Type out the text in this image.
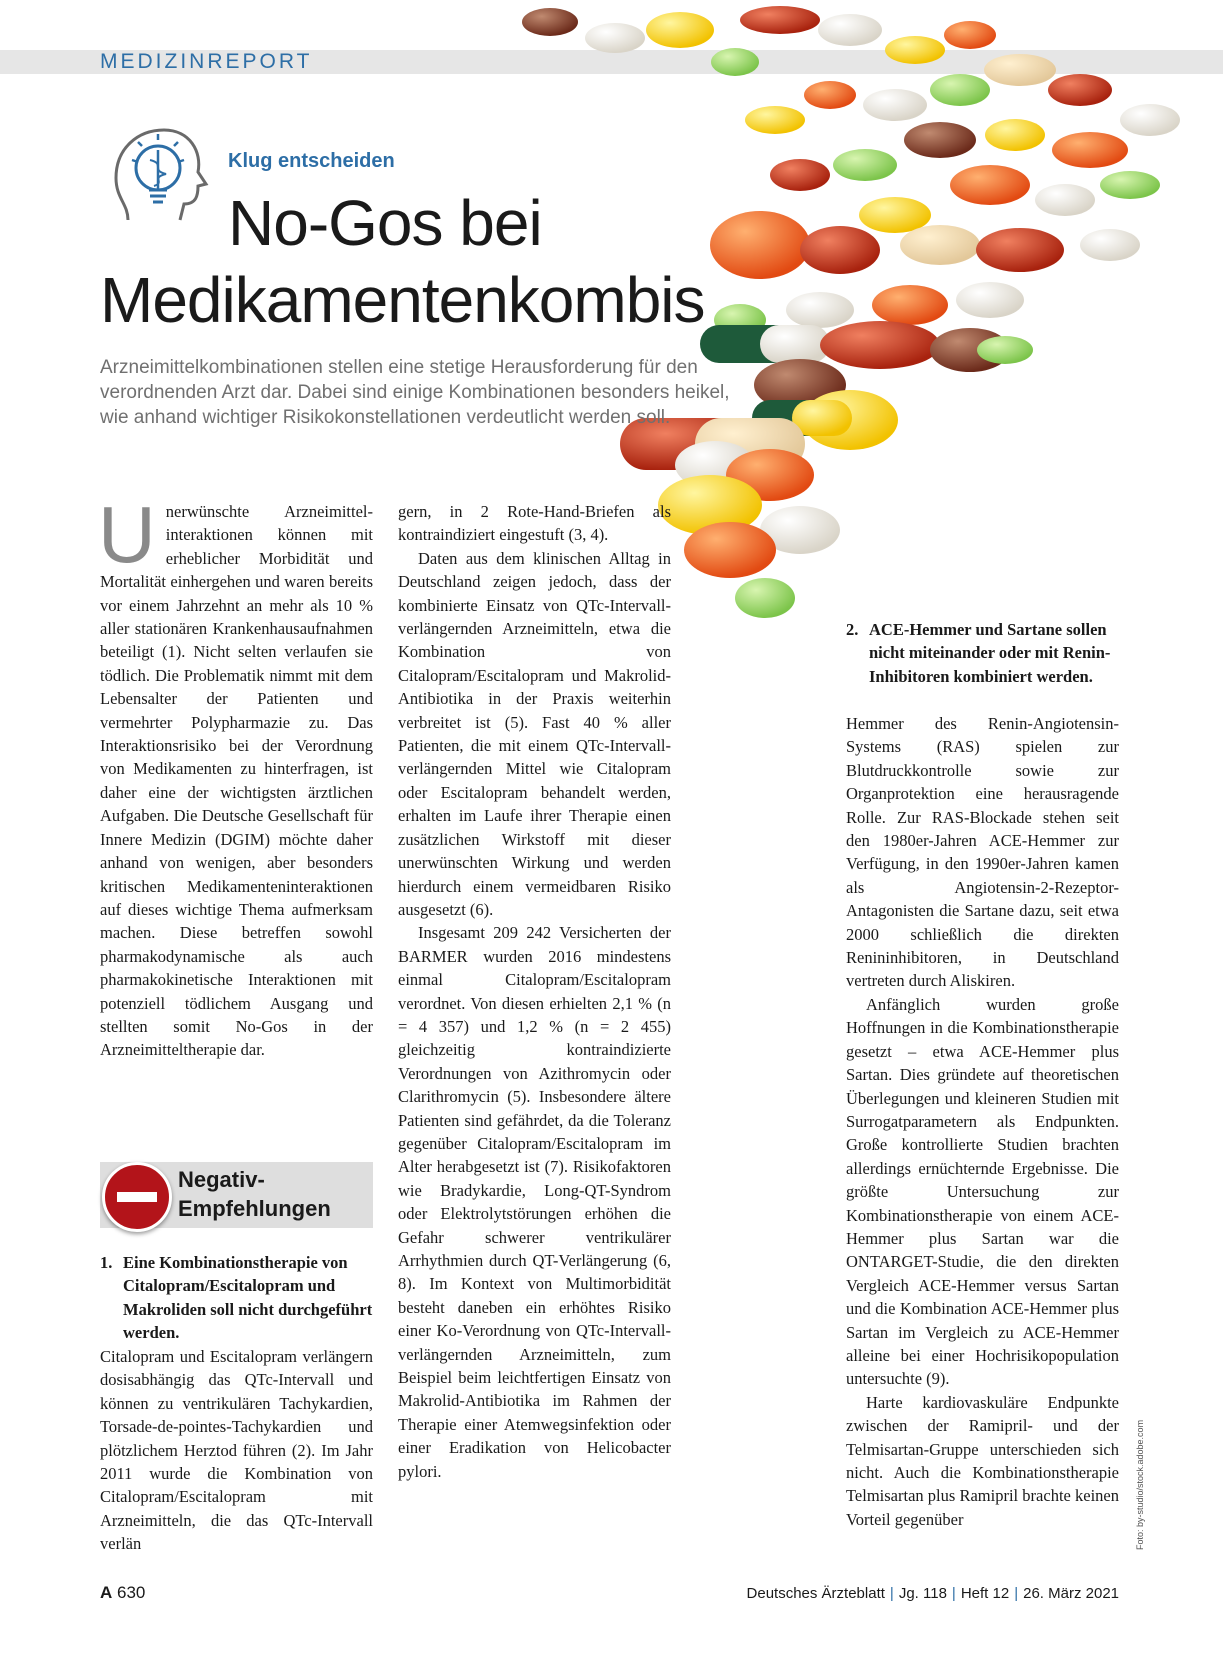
MEDIZINREPORT
Klug entscheiden
No-Gos bei
Medikamentenkombis
Arzneimittelkombinationen stellen eine stetige Herausforderung für den verordnenden Arzt dar. Dabei sind einige Kombinationen besonders heikel, wie anhand wichtiger Risikokonstellationen verdeutlicht werden soll.
U nerwünschte Arzneimittelinteraktionen können mit erheblicher Morbidität und Mortalität einhergehen und waren bereits vor einem Jahrzehnt an mehr als 10 % aller stationären Krankenhausaufnahmen beteiligt (1). Nicht selten verlaufen sie tödlich. Die Problematik nimmt mit dem Lebensalter der Patienten und vermehrter Polypharmazie zu. Das Interaktionsrisiko bei der Verordnung von Medikamenten zu hinterfragen, ist daher eine der wichtigsten ärztlichen Aufgaben. Die Deutsche Gesellschaft für Innere Medizin (DGIM) möchte daher anhand von wenigen, aber besonders kritischen Medikamenteninteraktionen auf dieses wichtige Thema aufmerksam machen. Diese betreffen sowohl pharmakodynamische als auch pharmakokinetische Interaktionen mit potenziell tödlichem Ausgang und stellten somit No-Gos in der Arzneimitteltherapie dar.

Negativ-
Empfehlungen
1. Eine Kombinationstherapie von Citalopram/Escitalopram und Makroliden soll nicht durchgeführt werden.

Citalopram und Escitalopram verlängern dosisabhängig das QTc-Intervall und können zu ventrikulären Tachykardien, Torsade-de-pointes-Tachykardien und plötzlichem Herztod führen (2). Im Jahr 2011 wurde die Kombination von Citalopram/Escitalopram mit Arzneimitteln, die das QTc-Intervall verlän

gern, in 2 Rote-Hand-Briefen als kontraindiziert eingestuft (3, 4).

Daten aus dem klinischen Alltag in Deutschland zeigen jedoch, dass der kombinierte Einsatz von QTc-Intervall-verlängernden Arzneimitteln, etwa die Kombination von Citalopram/Escitalopram und Makrolid-Antibiotika in der Praxis weiterhin verbreitet ist (5). Fast 40 % aller Patienten, die mit einem QTc-Intervall-verlängernden Mittel wie Citalopram oder Escitalopram behandelt werden, erhalten im Laufe ihrer Therapie einen zusätzlichen Wirkstoff mit dieser unerwünschten Wirkung und werden hierdurch einem vermeidbaren Risiko ausgesetzt (6).

Insgesamt 209 242 Versicherten der BARMER wurden 2016 mindestens einmal Citalopram/Escitalopram verordnet. Von diesen erhielten 2,1 % (n = 4 357) und 1,2 % (n = 2 455) gleichzeitig kontraindizierte Verordnungen von Azithromycin oder Clarithromycin (5). Insbesondere ältere Patienten sind gefährdet, da die Toleranz gegenüber Citalopram/Escitalopram im Alter herabgesetzt ist (7). Risikofaktoren wie Bradykardie, Long-QT-Syndrom oder Elektrolytstörungen erhöhen die Gefahr schwerer ventrikulärer Arrhythmien durch QT-Verlängerung (6, 8). Im Kontext von Multimorbidität besteht daneben ein erhöhtes Risiko einer Ko-Verordnung von QTc-Intervall-verlängernden Arzneimitteln, zum Beispiel beim leichtfertigen Einsatz von Makrolid-Antibiotika im Rahmen der Therapie einer Atemwegsinfektion oder einer Eradikation von Helicobacter pylori.

2. ACE-Hemmer und Sartane sollen nicht miteinander oder mit Renin-Inhibitoren kombiniert werden.

Hemmer des Renin-Angiotensin-Systems (RAS) spielen zur Blutdruckkontrolle sowie zur Organprotektion eine herausragende Rolle. Zur RAS-Blockade stehen seit den 1980er-Jahren ACE-Hemmer zur Verfügung, in den 1990er-Jahren kamen als Angiotensin-2-Rezeptor-Antagonisten die Sartane dazu, seit etwa 2000 schließlich die direkten Renininhibitoren, in Deutschland vertreten durch Aliskiren.

Anfänglich wurden große Hoffnungen in die Kombinationstherapie gesetzt – etwa ACE-Hemmer plus Sartan. Dies gründete auf theoretischen Überlegungen und kleineren Studien mit Surrogatparametern als Endpunkten. Große kontrollierte Studien brachten allerdings ernüchternde Ergebnisse. Die größte Untersuchung zur Kombinationstherapie von einem ACE-Hemmer plus Sartan war die ONTARGET-Studie, die den direkten Vergleich ACE-Hemmer versus Sartan und die Kombination ACE-Hemmer plus Sartan im Vergleich zu ACE-Hemmer alleine bei einer Hochrisikopopulation untersuchte (9).

Harte kardiovaskuläre Endpunkte zwischen der Ramipril- und der Telmisartan-Gruppe unterschieden sich nicht. Auch die Kombinationstherapie Telmisartan plus Ramipril brachte keinen Vorteil gegenüber	Foto: by-studio/stock.adobe.com
A 630	Deutsches Ärzteblatt | Jg. 118 | Heft 12 | 26. März 2021
